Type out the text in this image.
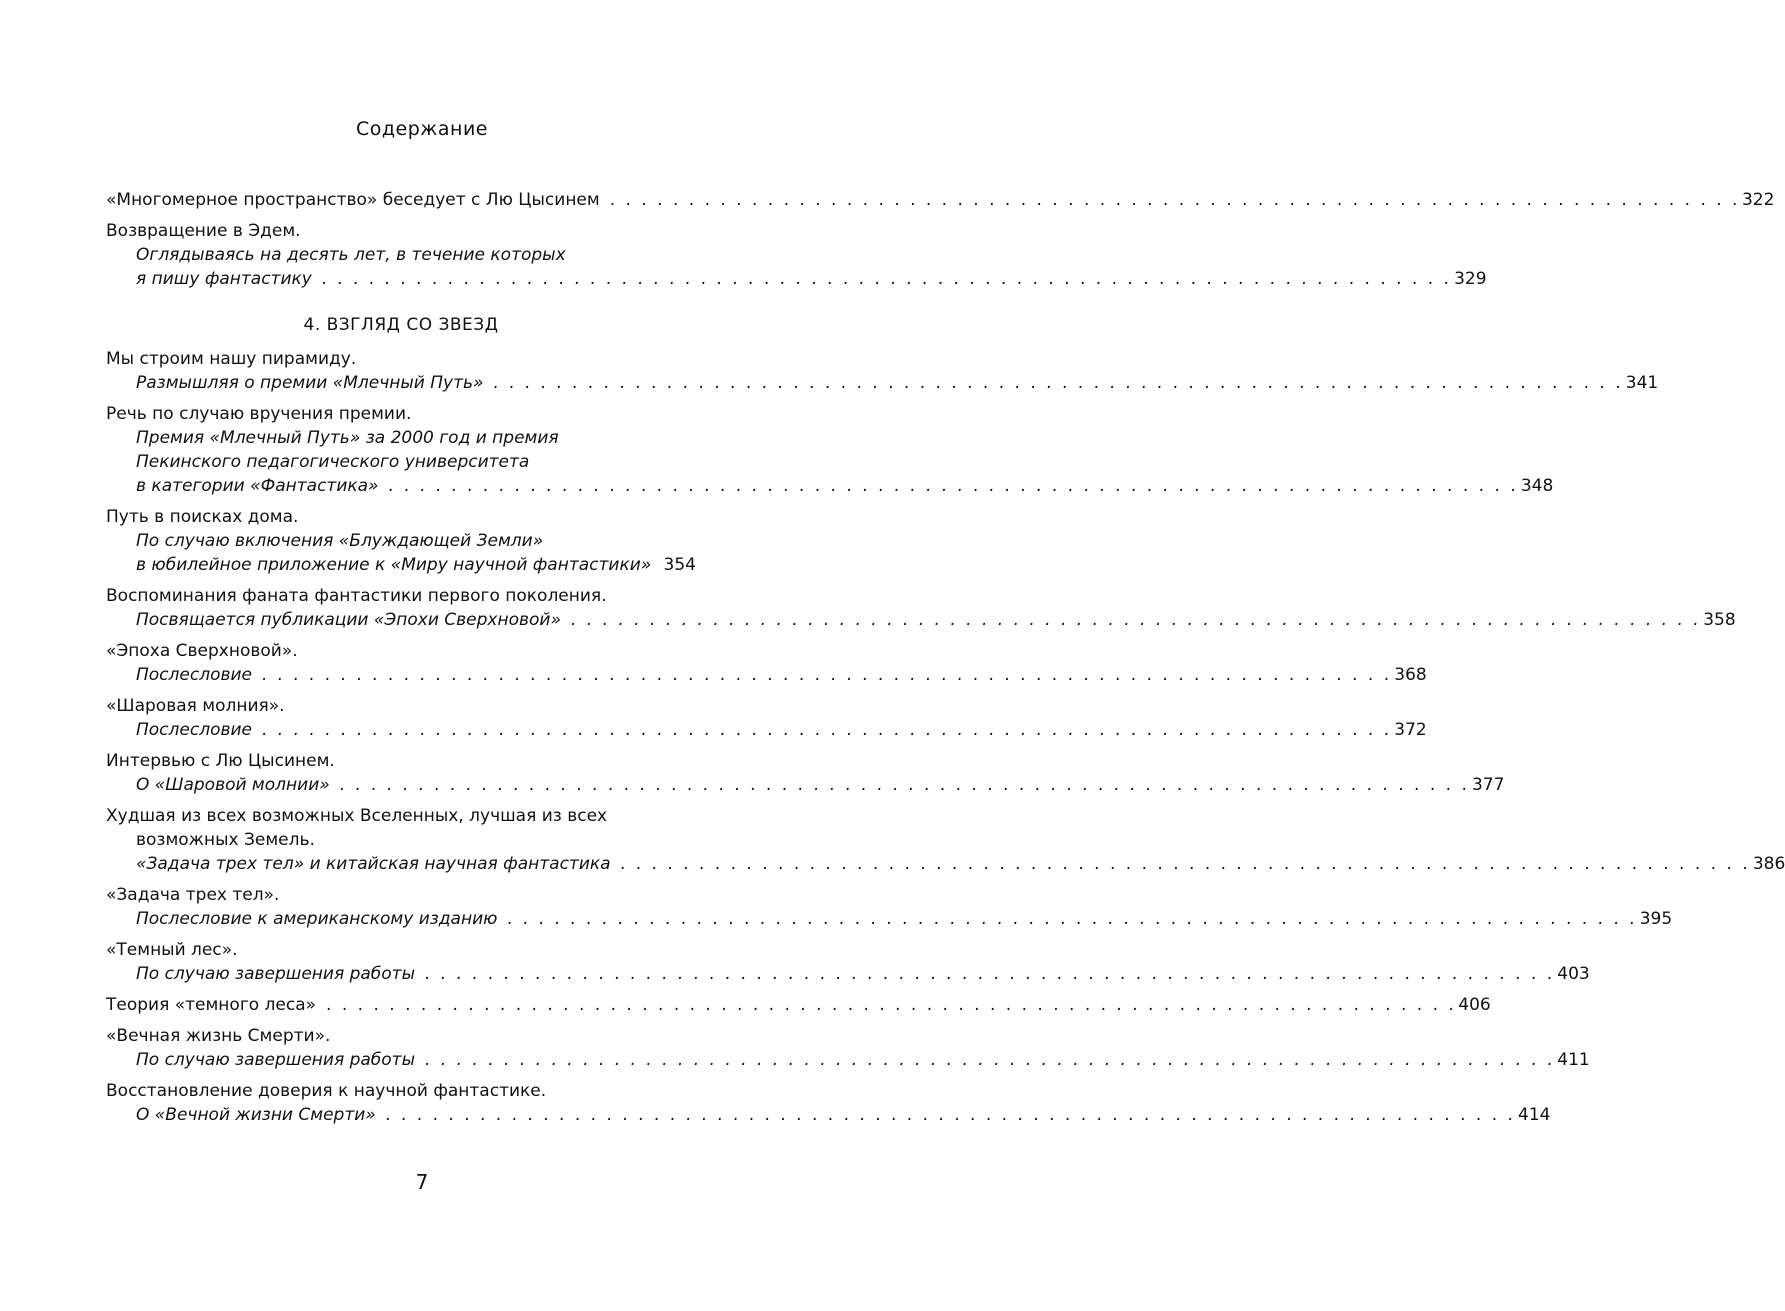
Содержание
«Многомерное пространство» беседует с Лю Цысинем . . . . . . . . . . . . . . . . . . . . . . . . . . . . . . . . . . . . . . . . . . . . . . . . . . . . . . . . . . . . . . . . . . . . . . . . 322
Возвращение в Эдем.
Оглядываясь на десять лет, в течение которых
я пишу фантастику . . . . . . . . . . . . . . . . . . . . . . . . . . . . . . . . . . . . . . . . . . . . . . . . . . . . . . . . . . . . . . . . . . . . . . . . 329
4. ВЗГЛЯД СО ЗВЕЗД
Мы строим нашу пирамиду.
Размышляя о премии «Млечный Путь» . . . . . . . . . . . . . . . . . . . . . . . . . . . . . . . . . . . . . . . . . . . . . . . . . . . . . . . . . . . . . . . . . . . . . . . . 341
Речь по случаю вручения премии.
Премия «Млечный Путь» за 2000 год и премия
Пекинского педагогического университета
в категории «Фантастика» . . . . . . . . . . . . . . . . . . . . . . . . . . . . . . . . . . . . . . . . . . . . . . . . . . . . . . . . . . . . . . . . . . . . . . . . 348
Путь в поисках дома.
По случаю включения «Блуждающей Земли»
в юбилейное приложение к «Миру научной фантастики» 354
Воспоминания фаната фантастики первого поколения.
Посвящается публикации «Эпохи Сверхновой» . . . . . . . . . . . . . . . . . . . . . . . . . . . . . . . . . . . . . . . . . . . . . . . . . . . . . . . . . . . . . . . . . . . . . . . . 358
«Эпоха Сверхновой».
Послесловие . . . . . . . . . . . . . . . . . . . . . . . . . . . . . . . . . . . . . . . . . . . . . . . . . . . . . . . . . . . . . . . . . . . . . . . . 368
«Шаровая молния».
Послесловие . . . . . . . . . . . . . . . . . . . . . . . . . . . . . . . . . . . . . . . . . . . . . . . . . . . . . . . . . . . . . . . . . . . . . . . . 372
Интервью с Лю Цысинем.
О «Шаровой молнии» . . . . . . . . . . . . . . . . . . . . . . . . . . . . . . . . . . . . . . . . . . . . . . . . . . . . . . . . . . . . . . . . . . . . . . . . 377
Худшая из всех возможных Вселенных, лучшая из всех
возможных Земель.
«Задача трех тел» и китайская научная фантастика . . . . . . . . . . . . . . . . . . . . . . . . . . . . . . . . . . . . . . . . . . . . . . . . . . . . . . . . . . . . . . . . . . . . . . . . 386
«Задача трех тел».
Послесловие к американскому изданию . . . . . . . . . . . . . . . . . . . . . . . . . . . . . . . . . . . . . . . . . . . . . . . . . . . . . . . . . . . . . . . . . . . . . . . . 395
«Темный лес».
По случаю завершения работы . . . . . . . . . . . . . . . . . . . . . . . . . . . . . . . . . . . . . . . . . . . . . . . . . . . . . . . . . . . . . . . . . . . . . . . . 403
Теория «темного леса» . . . . . . . . . . . . . . . . . . . . . . . . . . . . . . . . . . . . . . . . . . . . . . . . . . . . . . . . . . . . . . . . . . . . . . . . 406
«Вечная жизнь Смерти».
По случаю завершения работы . . . . . . . . . . . . . . . . . . . . . . . . . . . . . . . . . . . . . . . . . . . . . . . . . . . . . . . . . . . . . . . . . . . . . . . . 411
Восстановление доверия к научной фантастике.
О «Вечной жизни Смерти» . . . . . . . . . . . . . . . . . . . . . . . . . . . . . . . . . . . . . . . . . . . . . . . . . . . . . . . . . . . . . . . . . . . . . . . . 414
7
